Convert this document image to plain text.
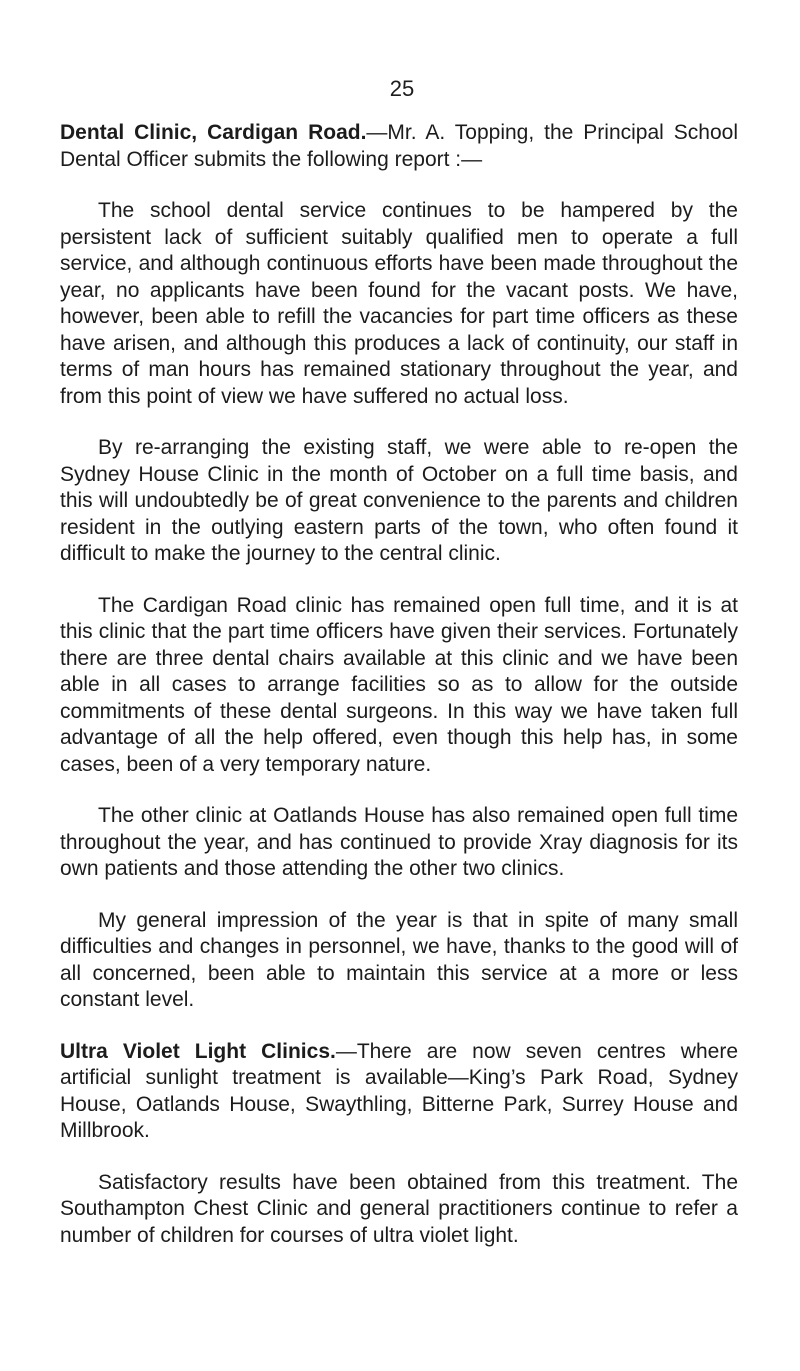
25

Dental Clinic, Cardigan Road.—Mr. A. Topping, the Principal School Dental Officer submits the following report :—

The school dental service continues to be hampered by the persistent lack of sufficient suitably qualified men to operate a full service, and although continuous efforts have been made throughout the year, no applicants have been found for the vacant posts. We have, however, been able to refill the vacancies for part time officers as these have arisen, and although this produces a lack of continuity, our staff in terms of man hours has remained stationary throughout the year, and from this point of view we have suffered no actual loss.

By re-arranging the existing staff, we were able to re-open the Sydney House Clinic in the month of October on a full time basis, and this will undoubtedly be of great convenience to the parents and children resident in the outlying eastern parts of the town, who often found it difficult to make the journey to the central clinic.

The Cardigan Road clinic has remained open full time, and it is at this clinic that the part time officers have given their services. Fortunately there are three dental chairs available at this clinic and we have been able in all cases to arrange facilities so as to allow for the outside commitments of these dental surgeons. In this way we have taken full advantage of all the help offered, even though this help has, in some cases, been of a very temporary nature.

The other clinic at Oatlands House has also remained open full time throughout the year, and has continued to provide Xray diagnosis for its own patients and those attending the other two clinics.

My general impression of the year is that in spite of many small difficulties and changes in personnel, we have, thanks to the good will of all concerned, been able to maintain this service at a more or less constant level.

Ultra Violet Light Clinics.—There are now seven centres where artificial sunlight treatment is available—King’s Park Road, Sydney House, Oatlands House, Swaythling, Bitterne Park, Surrey House and Millbrook.

Satisfactory results have been obtained from this treatment. The Southampton Chest Clinic and general practitioners continue to refer a number of children for courses of ultra violet light.
